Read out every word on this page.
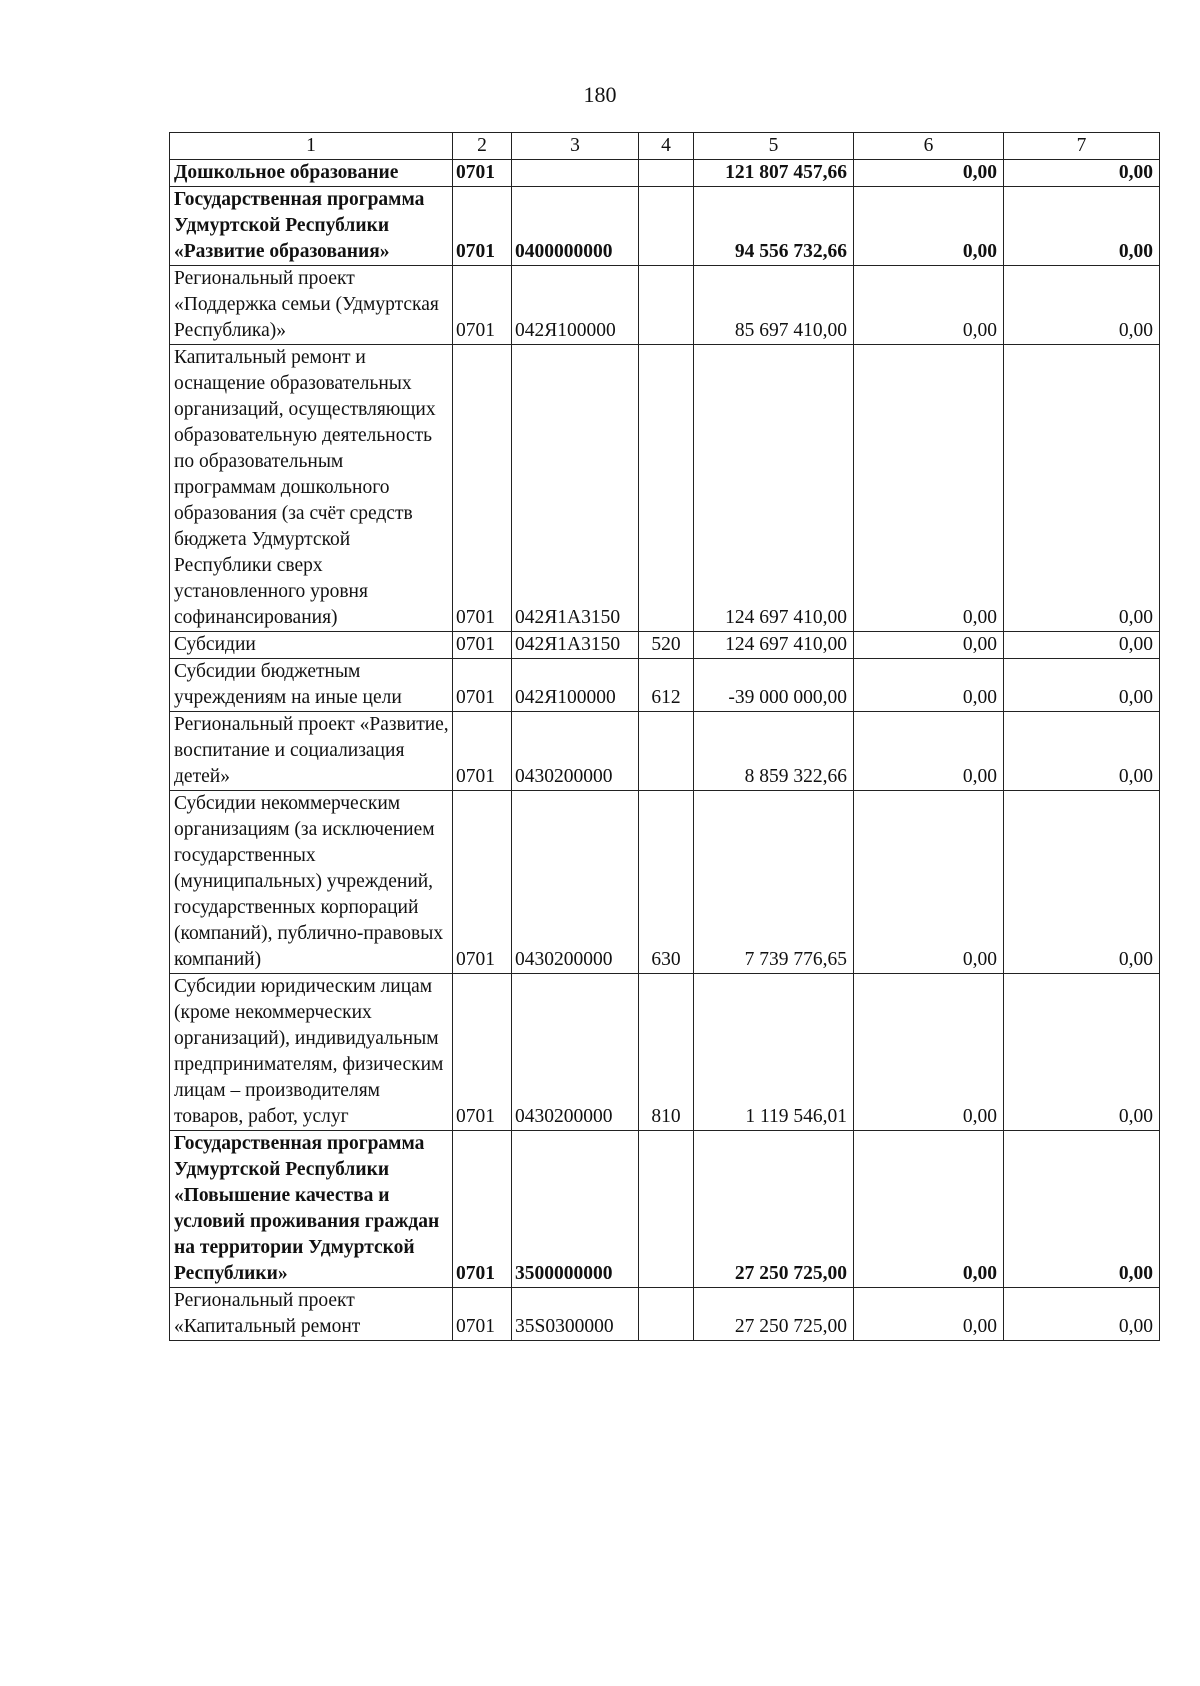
180
1	2	3	4	5	6	7
Дошкольное образование	0701			121 807 457,66	0,00	0,00
Государственная программа Удмуртской Республики «Развитие образования»	0701	0400000000		94 556 732,66	0,00	0,00
Региональный проект «Поддержка семьи (Удмуртская Республика)»	0701	042Я100000		85 697 410,00	0,00	0,00
Капитальный ремонт и оснащение образовательных организаций, осуществляющих образовательную деятельность по образовательным программам дошкольного образования (за счёт средств бюджета Удмуртской Республики сверх установленного уровня софинансирования)	0701	042Я1А3150		124 697 410,00	0,00	0,00
Субсидии	0701	042Я1А3150	520	124 697 410,00	0,00	0,00
Субсидии бюджетным учреждениям на иные цели	0701	042Я100000	612	-39 000 000,00	0,00	0,00
Региональный проект «Развитие, воспитание и социализация детей»	0701	0430200000		8 859 322,66	0,00	0,00
Субсидии некоммерческим организациям (за исключением государственных (муниципальных) учреждений, государственных корпораций (компаний), публично-правовых компаний)	0701	0430200000	630	7 739 776,65	0,00	0,00
Субсидии юридическим лицам (кроме некоммерческих организаций), индивидуальным предпринимателям, физическим лицам – производителям товаров, работ, услуг	0701	0430200000	810	1 119 546,01	0,00	0,00
Государственная программа Удмуртской Республики «Повышение качества и условий проживания граждан на территории Удмуртской Республики»	0701	3500000000		27 250 725,00	0,00	0,00
Региональный проект «Капитальный ремонт	0701	35S0300000		27 250 725,00	0,00	0,00
